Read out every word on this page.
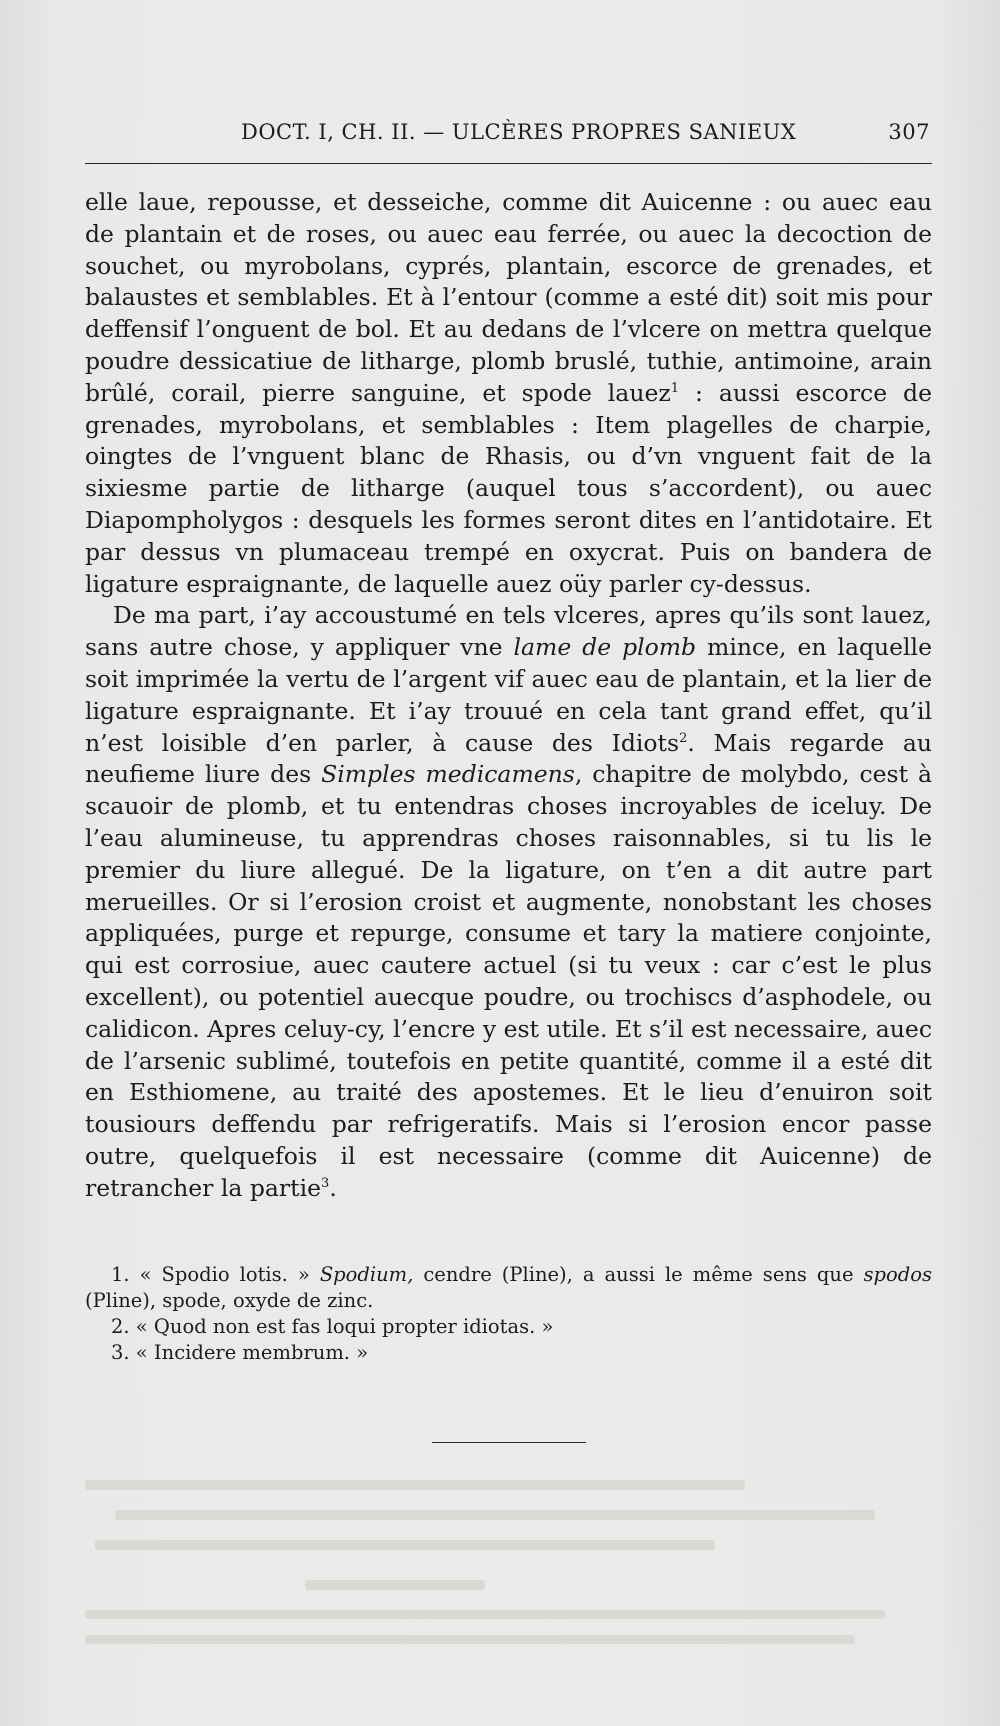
DOCT. I, CH. II. — ULCÈRES PROPRES SANIEUX	307

elle laue, repousse, et desseiche, comme dit Auicenne : ou auec eau de plantain et de roses, ou auec eau ferrée, ou auec la decoction de souchet, ou myrobolans, cyprés, plantain, escorce de grenades, et balaustes et semblables. Et à l’entour (comme a esté dit) soit mis pour deffensif l’onguent de bol. Et au dedans de l’vlcere on mettra quelque poudre dessicatiue de litharge, plomb bruslé, tuthie, antimoine, arain brûlé, corail, pierre sanguine, et spode lauez$^1$ : aussi escorce de grenades, myrobolans, et semblables : Item plagelles de charpie, oingtes de l’vnguent blanc de Rhasis, ou d’vn vnguent fait de la sixiesme partie de litharge (auquel tous s’accordent), ou auec Diapompholygos : desquels les formes seront dites en l’antidotaire. Et par dessus vn plumaceau trempé en oxycrat. Puis on bandera de ligature espraignante, de laquelle auez oüy parler cy-dessus.

De ma part, i’ay accoustumé en tels vlceres, apres qu’ils sont lauez, sans autre chose, y appliquer vne lame de plomb mince, en laquelle soit imprimée la vertu de l’argent vif auec eau de plantain, et la lier de ligature espraignante. Et i’ay trouué en cela tant grand effet, qu’il n’est loisible d’en parler, à cause des Idiots$^2$. Mais regarde au neufieme liure des Simples medicamens, chapitre de molybdo, cest à scauoir de plomb, et tu entendras choses incroyables de iceluy. De l’eau alumineuse, tu apprendras choses raisonnables, si tu lis le premier du liure allegué. De la ligature, on t’en a dit autre part merueilles. Or si l’erosion croist et augmente, nonobstant les choses appliquées, purge et repurge, consume et tary la matiere conjointe, qui est corrosiue, auec cautere actuel (si tu veux : car c’est le plus excellent), ou potentiel auecque poudre, ou trochiscs d’asphodele, ou calidicon. Apres celuy-cy, l’encre y est utile. Et s’il est necessaire, auec de l’arsenic sublimé, toutefois en petite quantité, comme il a esté dit en Esthiomene, au traité des apostemes. Et le lieu d’enuiron soit tousiours deffendu par refrigeratifs. Mais si l’erosion encor passe outre, quelquefois il est necessaire (comme dit Auicenne) de retrancher la partie$^3$.

1. « Spodio lotis. » Spodium, cendre (Pline), a aussi le même sens que spodos (Pline), spode, oxyde de zinc.
2. « Quod non est fas loqui propter idiotas. »
3. « Incidere membrum. »
